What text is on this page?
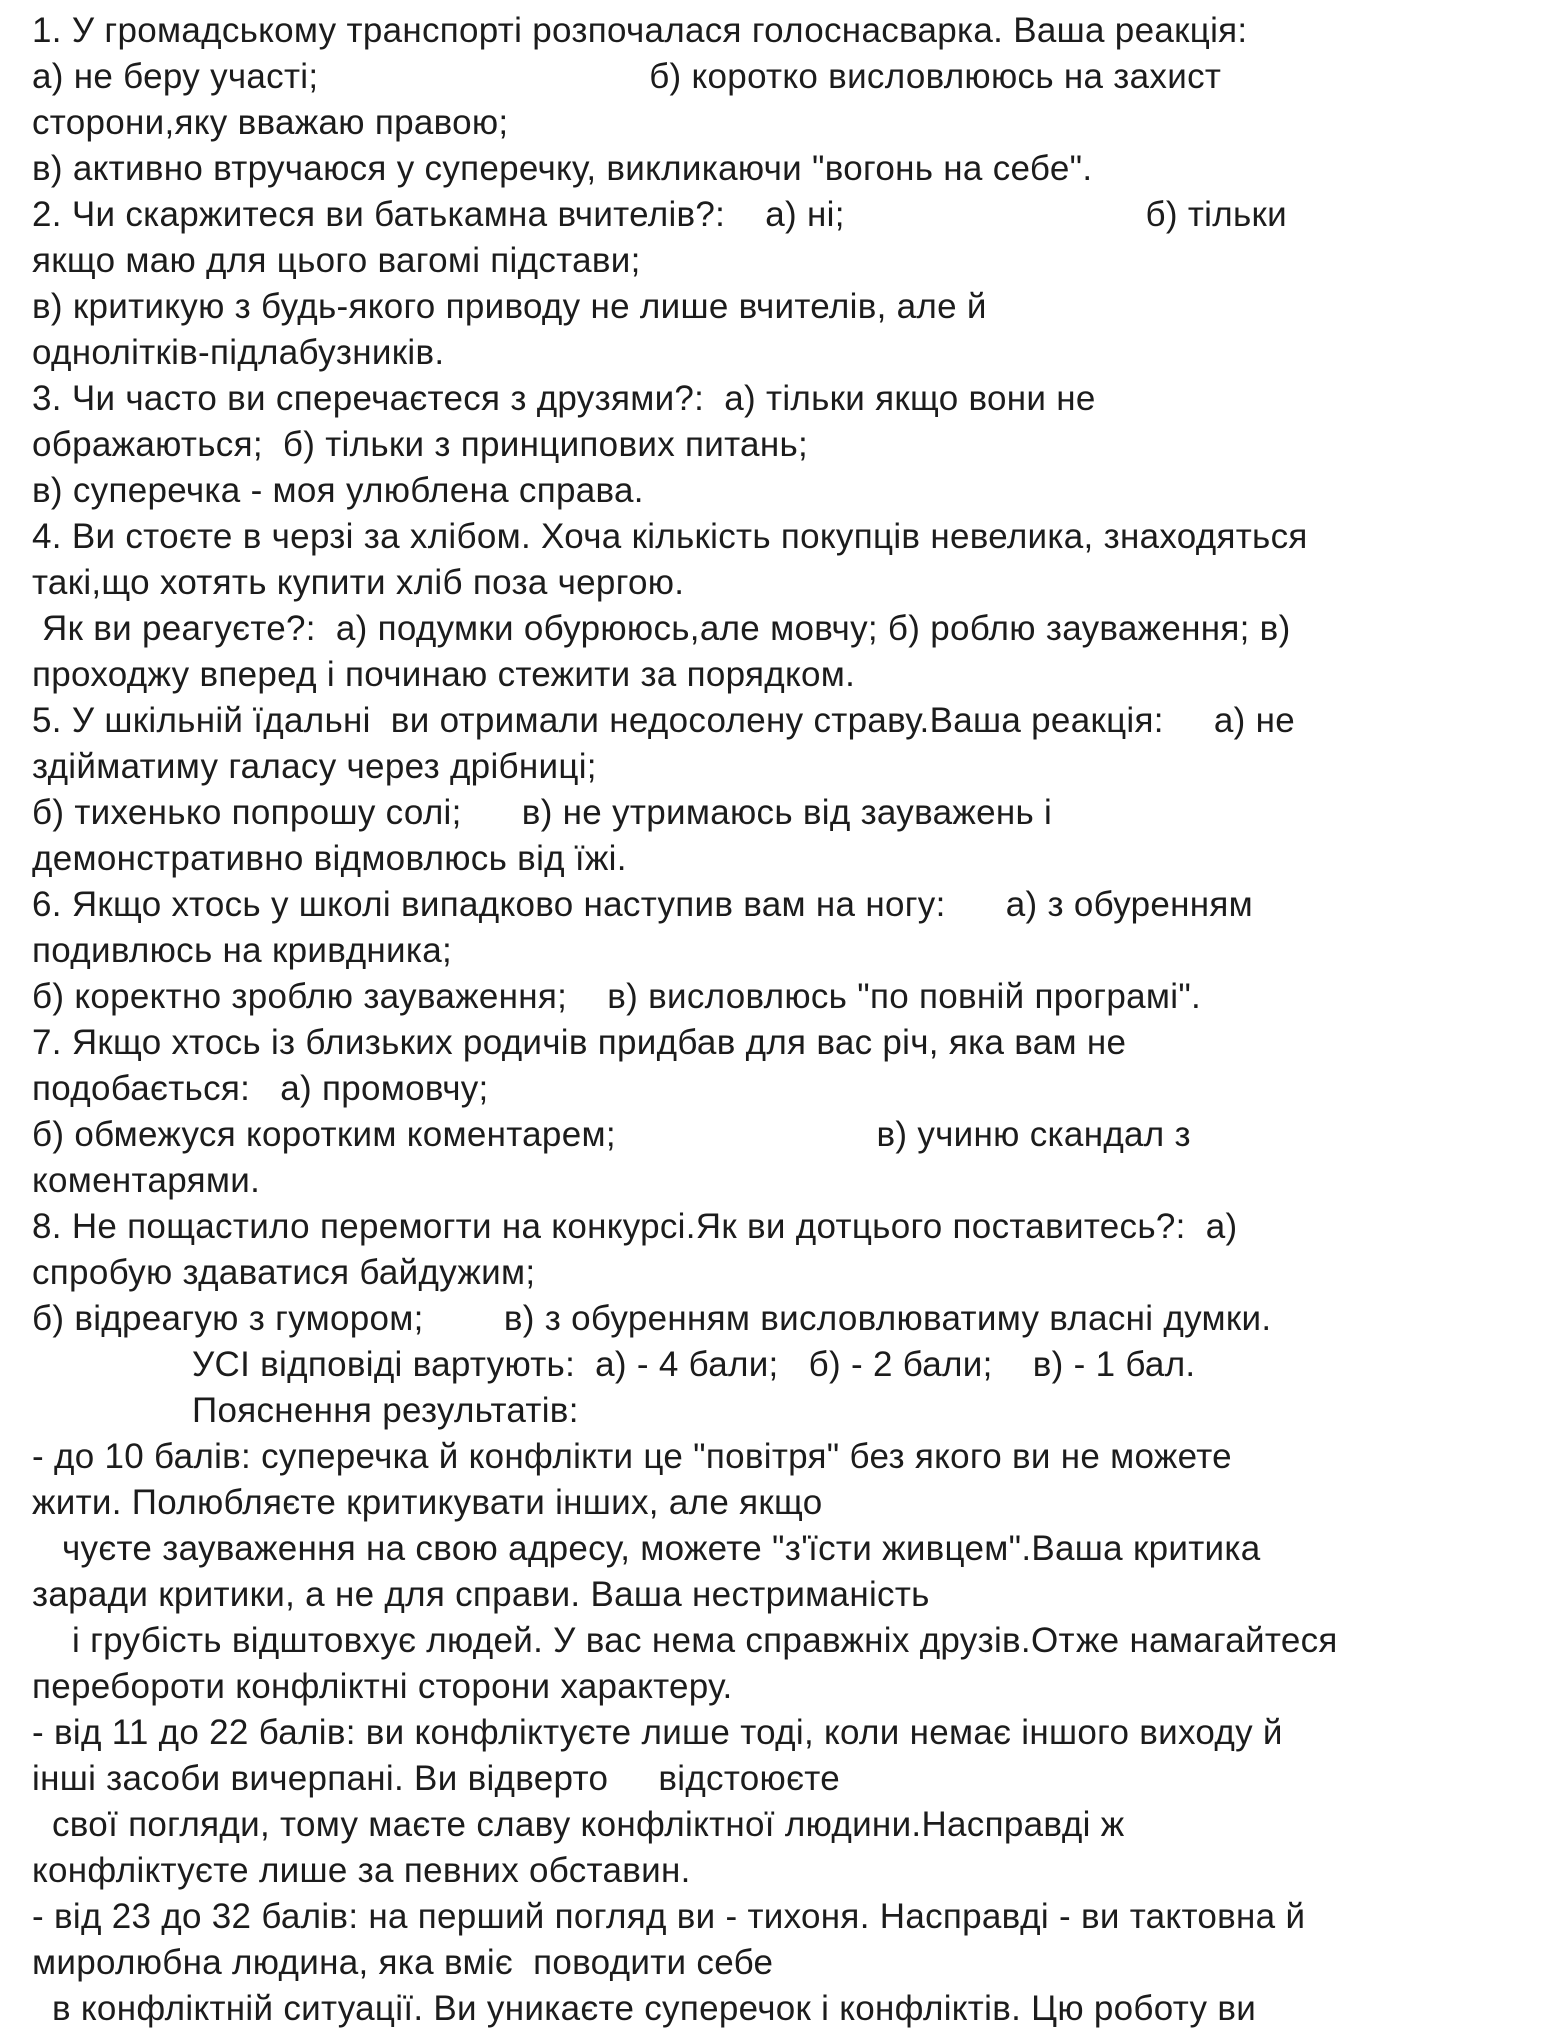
1. У громадському транспорті розпочалася голоснасварка. Ваша реакція:
а) не беру участі;                                 б) коротко висловлююсь на захист
сторони,яку вважаю правою;
в) активно втручаюся у суперечку, викликаючи "вогонь на себе".
2. Чи скаржитеся ви батькамна вчителів?:    а) ні;                              б) тільки
якщо маю для цього вагомі підстави;
в) критикую з будь-якого приводу не лише вчителів, але й
однолітків-підлабузників.
3. Чи часто ви сперечаєтеся з друзями?:  а) тільки якщо вони не
ображаються;  б) тільки з принципових питань;
в) суперечка - моя улюблена справа.
4. Ви стоєте в черзі за хлібом. Хоча кількість покупців невелика, знаходяться
такі,що хотять купити хліб поза чергою.
Як ви реагуєте?:  а) подумки обурююсь,але мовчу; б) роблю зауваження; в)
проходжу вперед і починаю стежити за порядком.
5. У шкільній їдальні  ви отримали недосолену страву.Ваша реакція:     а) не
здійматиму галасу через дрібниці;
б) тихенько попрошу солі;      в) не утримаюсь від зауважень і
демонстративно відмовлюсь від їжі.
6. Якщо хтось у школі випадково наступив вам на ногу:      а) з обуренням
подивлюсь на кривдника;
б) коректно зроблю зауваження;    в) висловлюсь "по повній програмі".
7. Якщо хтось із близьких родичів придбав для вас річ, яка вам не
подобається:   а) промовчу;
б) обмежуся коротким коментарем;                          в) учиню скандал з
коментарями.
8. Не пощастило перемогти на конкурсі.Як ви дотцього поставитесь?:  а)
спробую здаватися байдужим;
б) відреагую з гумором;        в) з обуренням висловлюватиму власні думки.
УСІ відповіді вартують:  а) - 4 бали;   б) - 2 бали;    в) - 1 бал.
Пояснення результатів:
- до 10 балів: суперечка й конфлікти це "повітря" без якого ви не можете
жити. Полюбляєте критикувати інших, але якщо
чуєте зауваження на свою адресу, можете "з'їсти живцем".Ваша критика
заради критики, а не для справи. Ваша нестриманість
і грубість відштовхує людей. У вас нема справжніх друзів.Отже намагайтеся
перебороти конфліктні сторони характеру.
- від 11 до 22 балів: ви конфліктуєте лише тоді, коли немає іншого виходу й
інші засоби вичерпані. Ви відверто     відстоюєте
свої погляди, тому маєте славу конфліктної людини.Насправді ж
конфліктуєте лише за певних обставин.
- від 23 до 32 балів: на перший погляд ви - тихоня. Насправді - ви тактовна й
миролюбна людина, яка вміє  поводити себе
в конфліктній ситуації. Ви уникаєте суперечок і конфліктів. Цю роботу ви
